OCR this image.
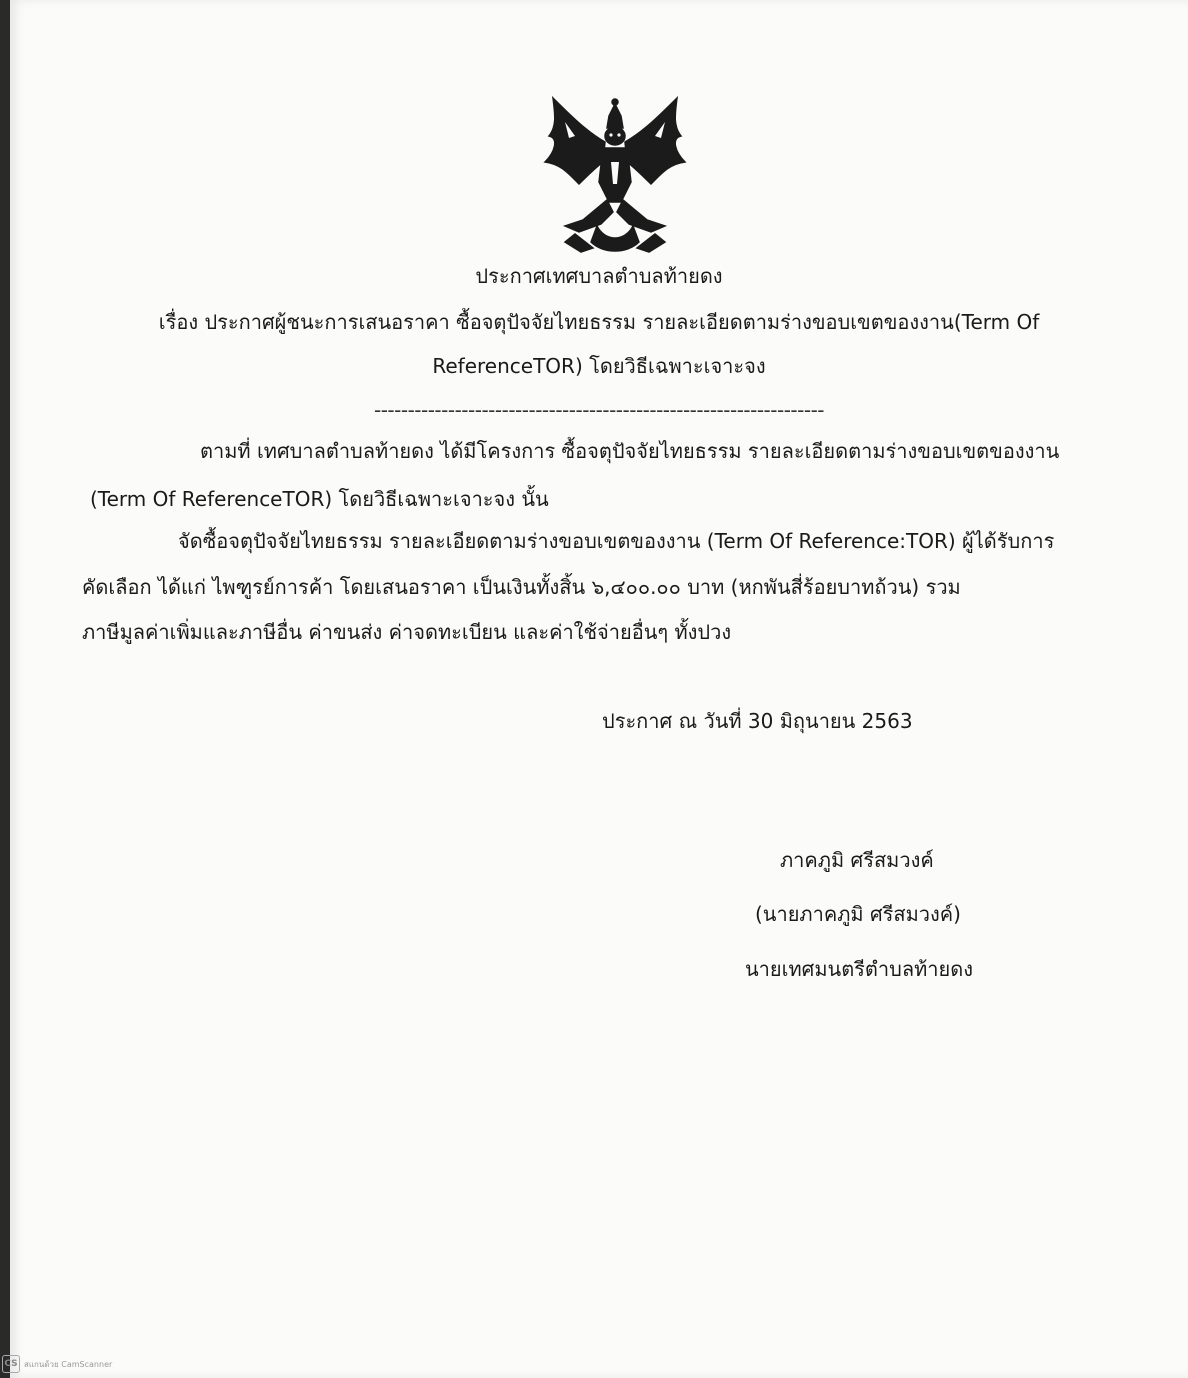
ประกาศเทศบาลตำบลท้ายดง
เรื่อง ประกาศผู้ชนะการเสนอราคา ซื้อจตุปัจจัยไทยธรรม รายละเอียดตามร่างขอบเขตของงาน(Term Of
ReferenceTOR) โดยวิธีเฉพาะเจาะจง
-------------------------------------------------------------------
ตามที่ เทศบาลตำบลท้ายดง ได้มีโครงการ ซื้อจตุปัจจัยไทยธรรม รายละเอียดตามร่างขอบเขตของงาน
(Term Of ReferenceTOR) โดยวิธีเฉพาะเจาะจง นั้น
จัดซื้อจตุปัจจัยไทยธรรม รายละเอียดตามร่างขอบเขตของงาน (Term Of Reference:TOR) ผู้ได้รับการ
คัดเลือก ได้แก่ ไพฑูรย์การค้า โดยเสนอราคา เป็นเงินทั้งสิ้น ๖,๔๐๐.๐๐ บาท (หกพันสี่ร้อยบาทถ้วน) รวม
ภาษีมูลค่าเพิ่มและภาษีอื่น ค่าขนส่ง ค่าจดทะเบียน และค่าใช้จ่ายอื่นๆ ทั้งปวง
ประกาศ ณ วันที่ 30 มิถุนายน 2563
ภาคภูมิ ศรีสมวงค์
(นายภาคภูมิ ศรีสมวงค์)
นายเทศมนตรีตำบลท้ายดง
CS สแกนด้วย CamScanner
